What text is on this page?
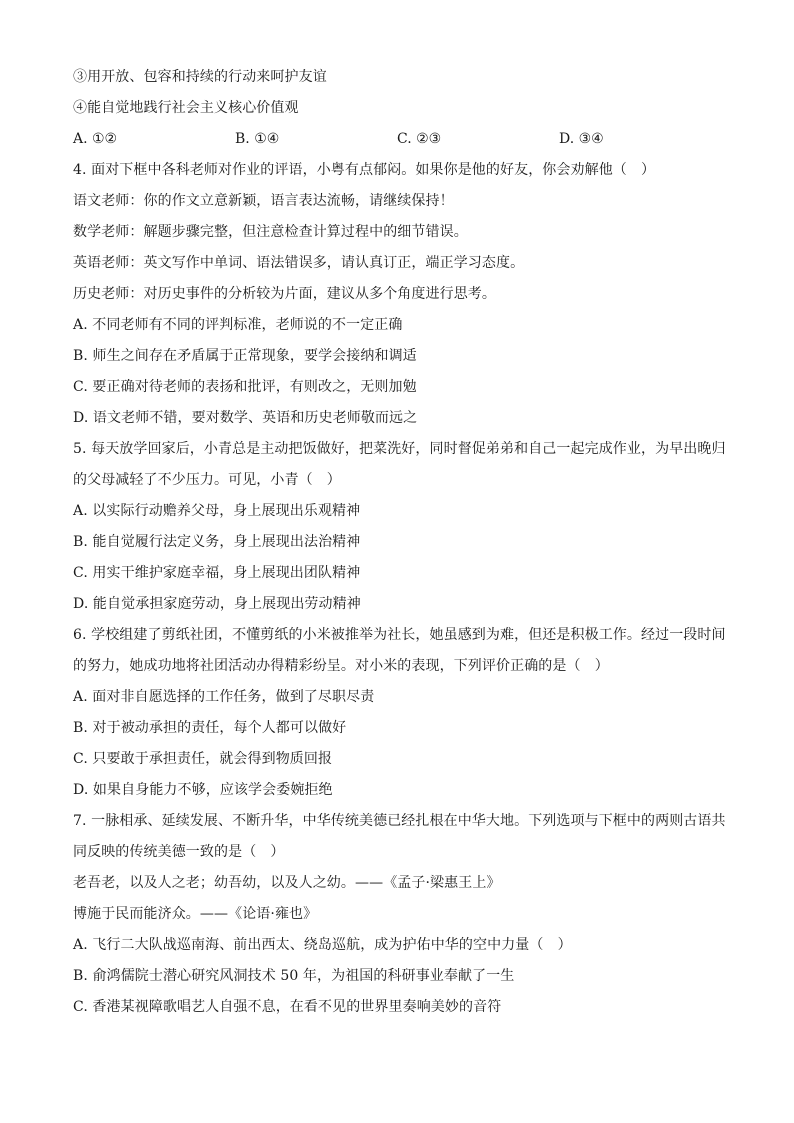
③用开放、包容和持续的行动来呵护友谊
④能自觉地践行社会主义核心价值观
A. ①②	B. ①④	C. ②③	D. ③④
4. 面对下框中各科老师对作业的评语，小粤有点郁闷。如果你是他的好友，你会劝解他（　）
语文老师：你的作文立意新颖，语言表达流畅，请继续保持！
数学老师：解题步骤完整，但注意检查计算过程中的细节错误。
英语老师：英文写作中单词、语法错误多，请认真订正，端正学习态度。
历史老师：对历史事件的分析较为片面，建议从多个角度进行思考。
A. 不同老师有不同的评判标准，老师说的不一定正确
B. 师生之间存在矛盾属于正常现象，要学会接纳和调适
C. 要正确对待老师的表扬和批评，有则改之，无则加勉
D. 语文老师不错，要对数学、英语和历史老师敬而远之
5. 每天放学回家后，小青总是主动把饭做好，把菜洗好，同时督促弟弟和自己一起完成作业，为早出晚归
的父母减轻了不少压力。可见，小青（　）
A. 以实际行动赡养父母，身上展现出乐观精神
B. 能自觉履行法定义务，身上展现出法治精神
C. 用实干维护家庭幸福，身上展现出团队精神
D. 能自觉承担家庭劳动，身上展现出劳动精神
6. 学校组建了剪纸社团，不懂剪纸的小米被推举为社长，她虽感到为难，但还是积极工作。经过一段时间
的努力，她成功地将社团活动办得精彩纷呈。对小米的表现，下列评价正确的是（　）
A. 面对非自愿选择的工作任务，做到了尽职尽责
B. 对于被动承担的责任，每个人都可以做好
C. 只要敢于承担责任，就会得到物质回报
D. 如果自身能力不够，应该学会委婉拒绝
7. 一脉相承、延续发展、不断升华，中华传统美德已经扎根在中华大地。下列选项与下框中的两则古语共
同反映的传统美德一致的是（　）
老吾老，以及人之老；幼吾幼，以及人之幼。——《孟子·梁惠王上》
博施于民而能济众。——《论语·雍也》
A. 飞行二大队战巡南海、前出西太、绕岛巡航，成为护佑中华的空中力量（　）
B. 俞鸿儒院士潜心研究风洞技术 50 年，为祖国的科研事业奉献了一生
C. 香港某视障歌唱艺人自强不息，在看不见的世界里奏响美妙的音符
